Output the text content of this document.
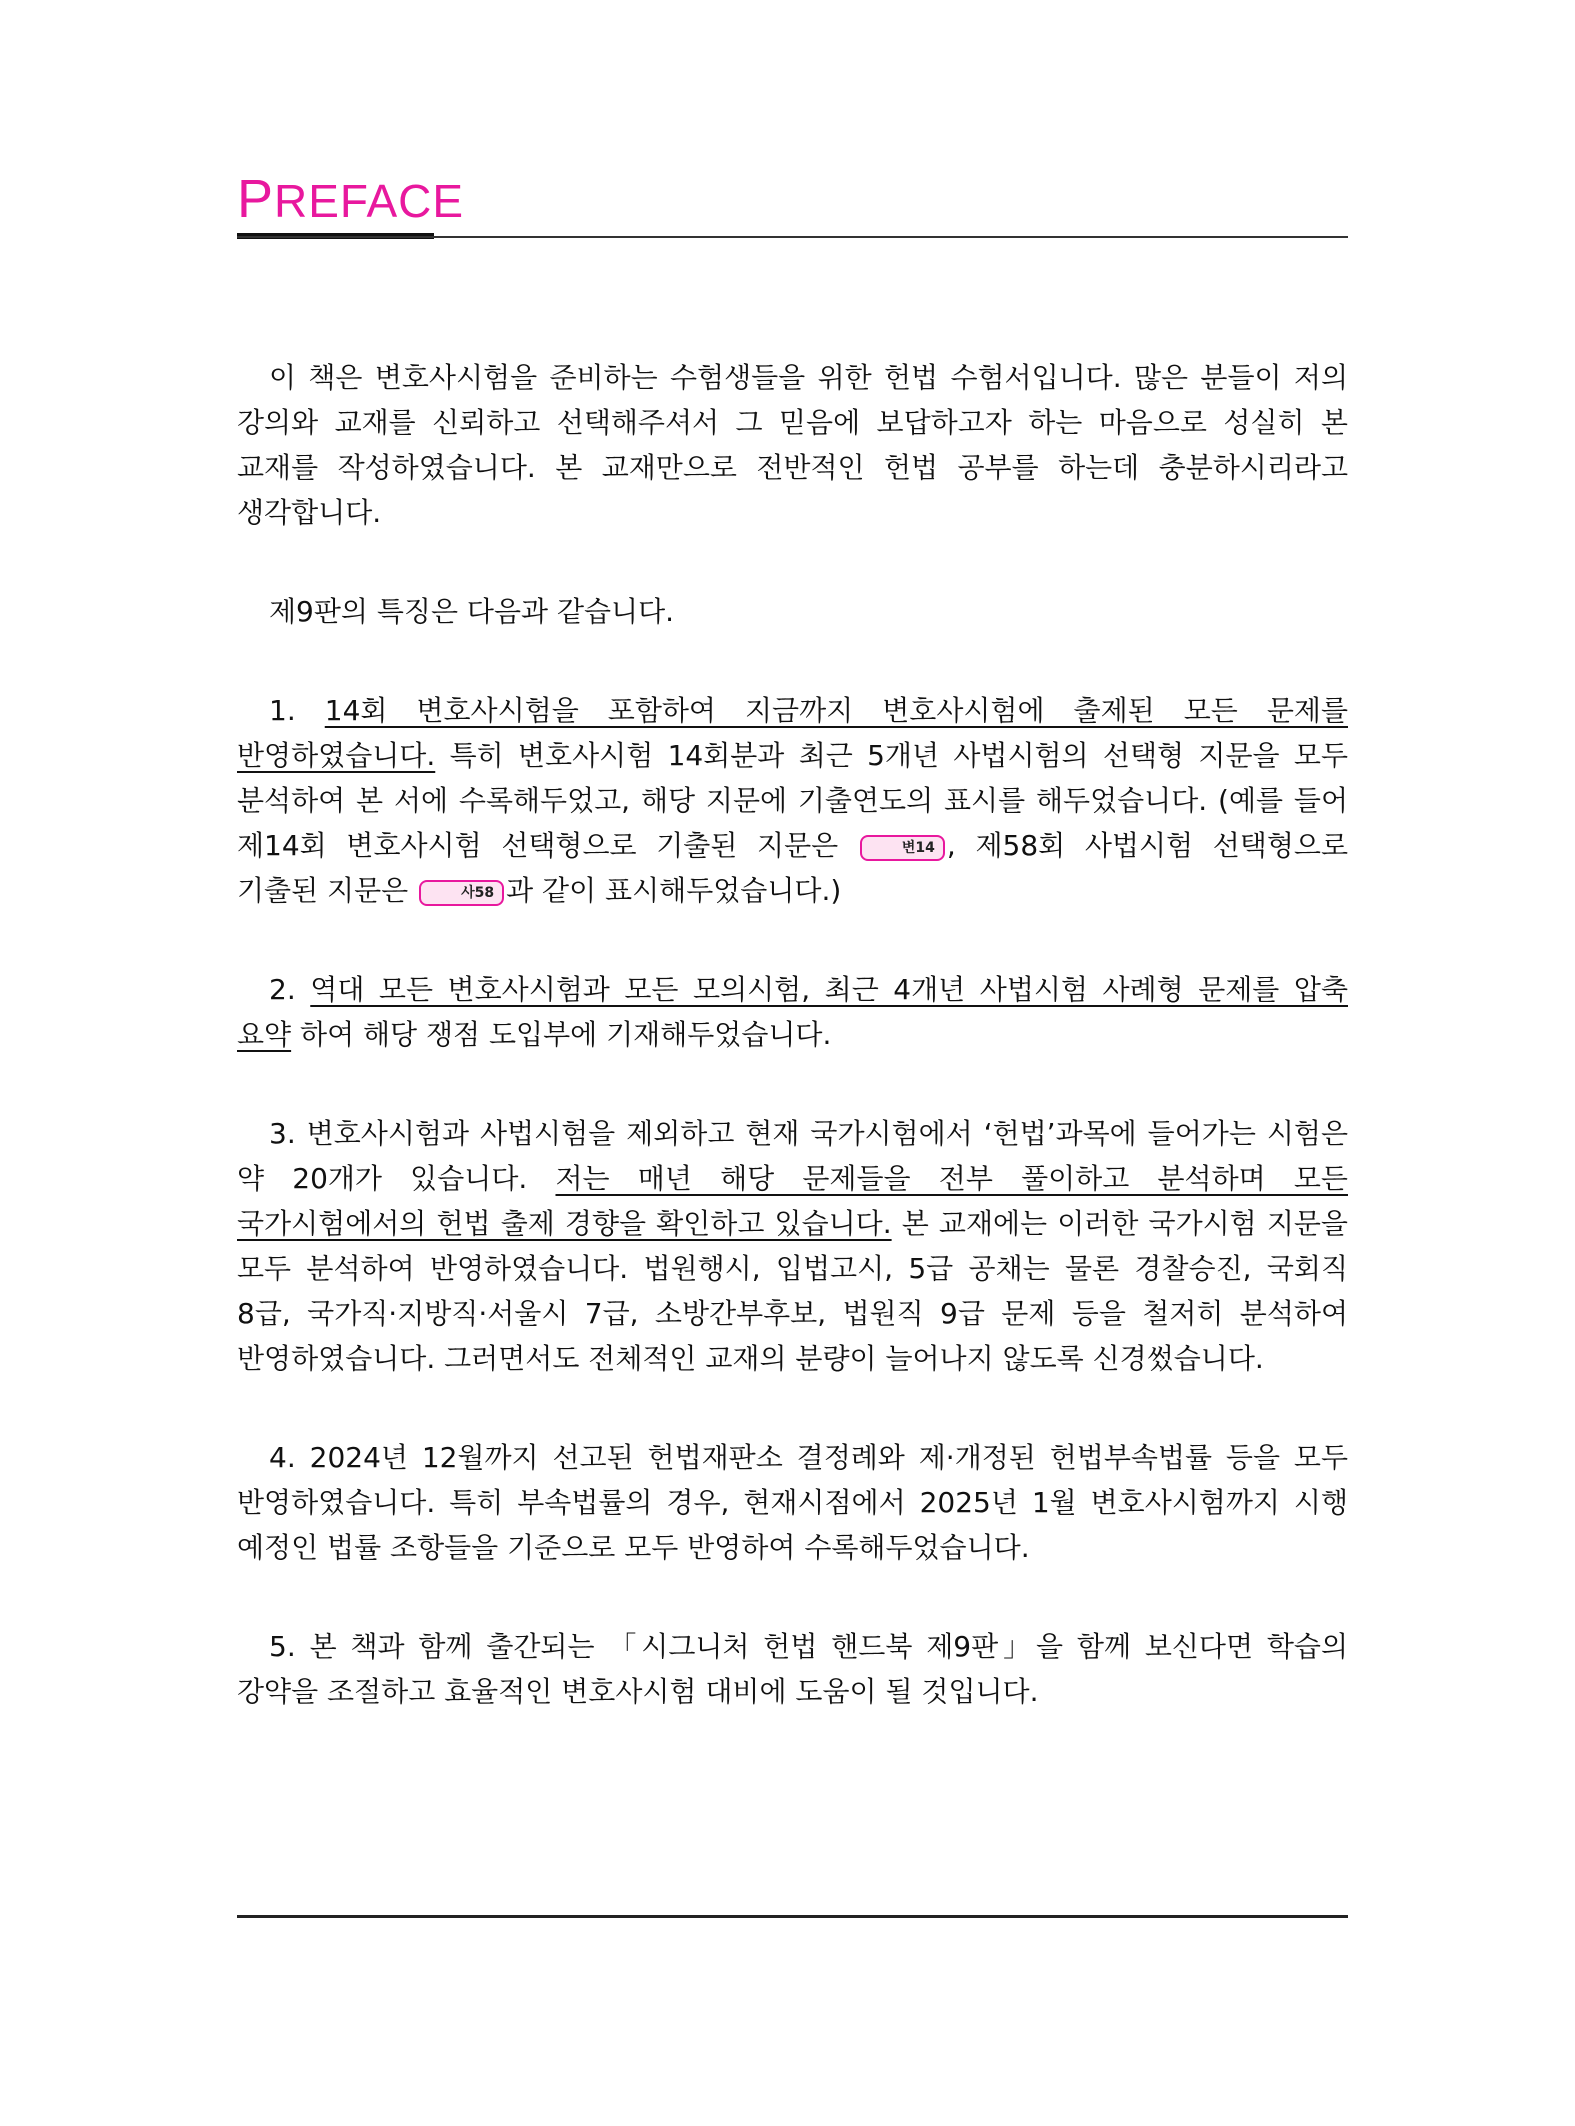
PREFACE

이 책은 변호사시험을 준비하는 수험생들을 위한 헌법 수험서입니다. 많은 분들이 저의 강의와 교재를 신뢰하고 선택해주셔서 그 믿음에 보답하고자 하는 마음으로 성실히 본 교재를 작성하였습니다. 본 교재만으로 전반적인 헌법 공부를 하는데 충분하시리라고 생각합니다.

제9판의 특징은 다음과 같습니다.

1. 14회 변호사시험을 포함하여 지금까지 변호사시험에 출제된 모든 문제를 반영하였습니다. 특히 변호사시험 14회분과 최근 5개년 사법시험의 선택형 지문을 모두 분석하여 본 서에 수록해두었고, 해당 지문에 기출연도의 표시를 해두었습니다. (예를 들어 제14회 변호사시험 선택형으로 기출된 지문은	변14 , 제58회 사법시험 선택형으로 기출된 지문은	사58 과 같이 표시해두었습니다.)

2. 역대 모든 변호사시험과 모든 모의시험, 최근 4개년 사법시험 사례형 문제를 압축 요약 하여 해당 쟁점 도입부에 기재해두었습니다.

3. 변호사시험과 사법시험을 제외하고 현재 국가시험에서 ‘헌법’과목에 들어가는 시험은 약 20개가 있습니다. 저는 매년 해당 문제들을 전부 풀이하고 분석하며 모든 국가시험에서의 헌법 출제 경향을 확인하고 있습니다. 본 교재에는 이러한 국가시험 지문을 모두 분석하여 반영하였습니다. 법원행시, 입법고시, 5급 공채는 물론 경찰승진, 국회직 8급, 국가직·지방직·서울시 7급, 소방간부후보, 법원직 9급 문제 등을 철저히 분석하여 반영하였습니다. 그러면서도 전체적인 교재의 분량이 늘어나지 않도록 신경썼습니다.

4. 2024년 12월까지 선고된 헌법재판소 결정례와 제·개정된 헌법부속법률 등을 모두 반영하였습니다. 특히 부속법률의 경우, 현재시점에서 2025년 1월 변호사시험까지 시행 예정인 법률 조항들을 기준으로 모두 반영하여 수록해두었습니다.

5. 본 책과 함께 출간되는 「시그니처 헌법 핸드북 제9판」을 함께 보신다면 학습의 강약을 조절하고 효율적인 변호사시험 대비에 도움이 될 것입니다.
